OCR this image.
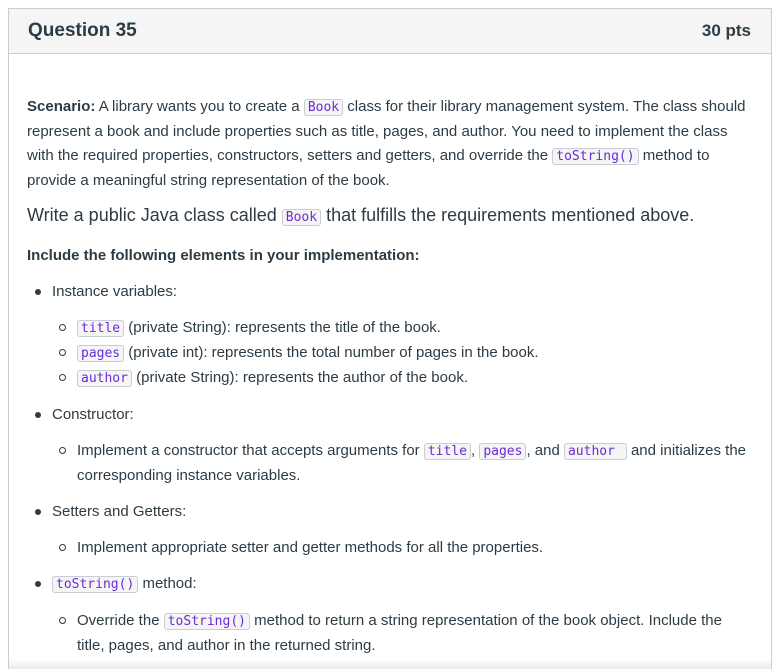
Question 35	30 pts

Scenario: A library wants you to create a Book class for their library management system. The class should represent a book and include properties such as title, pages, and author. You need to implement the class with the required properties, constructors, setters and getters, and override the toString() method to provide a meaningful string representation of the book.

Write a public Java class called Book that fulfills the requirements mentioned above.

Include the following elements in your implementation:

Instance variables:
title (private String): represents the title of the book.
pages (private int): represents the total number of pages in the book.
author (private String): represents the author of the book.
Constructor:
Implement a constructor that accepts arguments for title , pages , and author  and initializes the corresponding instance variables.
Setters and Getters:
Implement appropriate setter and getter methods for all the properties.
toString() method:
Override the toString() method to return a string representation of the book object. Include the title, pages, and author in the returned string.
